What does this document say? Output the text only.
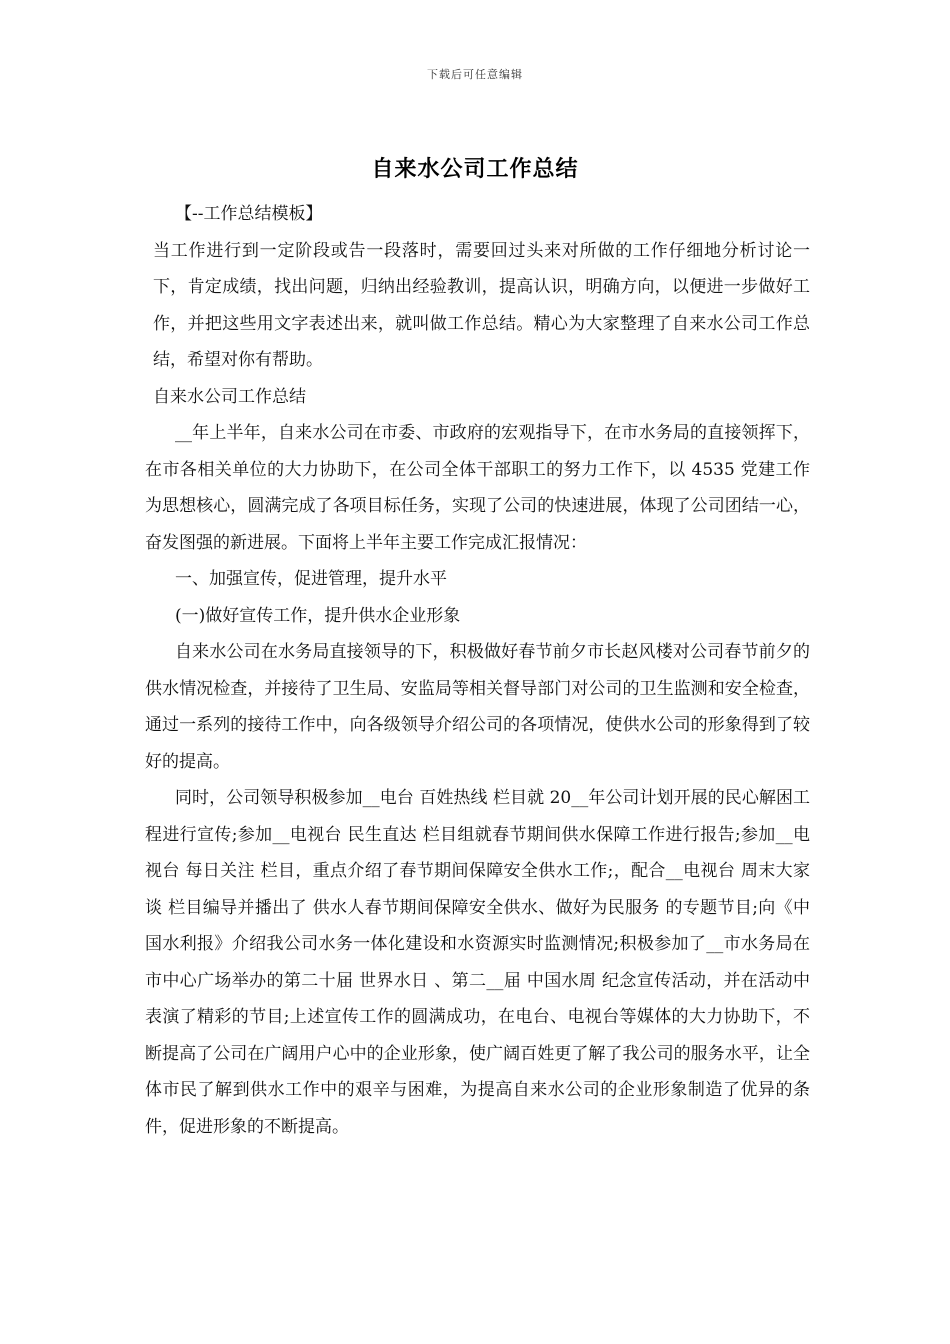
下载后可任意编辑
自来水公司工作总结

【--工作总结模板】

当工作进行到一定阶段或告一段落时，需要回过头来对所做的工作仔细地分析讨论一下，肯定成绩，找出问题，归纳出经验教训，提高认识，明确方向，以便进一步做好工作，并把这些用文字表述出来，就叫做工作总结。精心为大家整理了自来水公司工作总结，希望对你有帮助。

自来水公司工作总结

__年上半年，自来水公司在市委、市政府的宏观指导下，在市水务局的直接领挥下，在市各相关单位的大力协助下，在公司全体干部职工的努力工作下，以 4535 党建工作为思想核心，圆满完成了各项目标任务，实现了公司的快速进展，体现了公司团结一心，奋发图强的新进展。下面将上半年主要工作完成汇报情况：

一、加强宣传，促进管理，提升水平

(一)做好宣传工作，提升供水企业形象

自来水公司在水务局直接领导的下，积极做好春节前夕市长赵风楼对公司春节前夕的供水情况检查，并接待了卫生局、安监局等相关督导部门对公司的卫生监测和安全检查，通过一系列的接待工作中，向各级领导介绍公司的各项情况，使供水公司的形象得到了较好的提高。

同时，公司领导积极参加__电台 百姓热线 栏目就 20__年公司计划开展的民心解困工程进行宣传;参加__电视台 民生直达 栏目组就春节期间供水保障工作进行报告;参加__电视台 每日关注 栏目，重点介绍了春节期间保障安全供水工作;，配合__电视台 周末大家谈 栏目编导并播出了 供水人春节期间保障安全供水、做好为民服务 的专题节目;向《中国水利报》介绍我公司水务一体化建设和水资源实时监测情况;积极参加了__市水务局在市中心广场举办的第二十届 世界水日 、第二__届 中国水周 纪念宣传活动，并在活动中表演了精彩的节目;上述宣传工作的圆满成功，在电台、电视台等媒体的大力协助下，不断提高了公司在广阔用户心中的企业形象，使广阔百姓更了解了我公司的服务水平，让全体市民了解到供水工作中的艰辛与困难，为提高自来水公司的企业形象制造了优异的条件，促进形象的不断提高。
